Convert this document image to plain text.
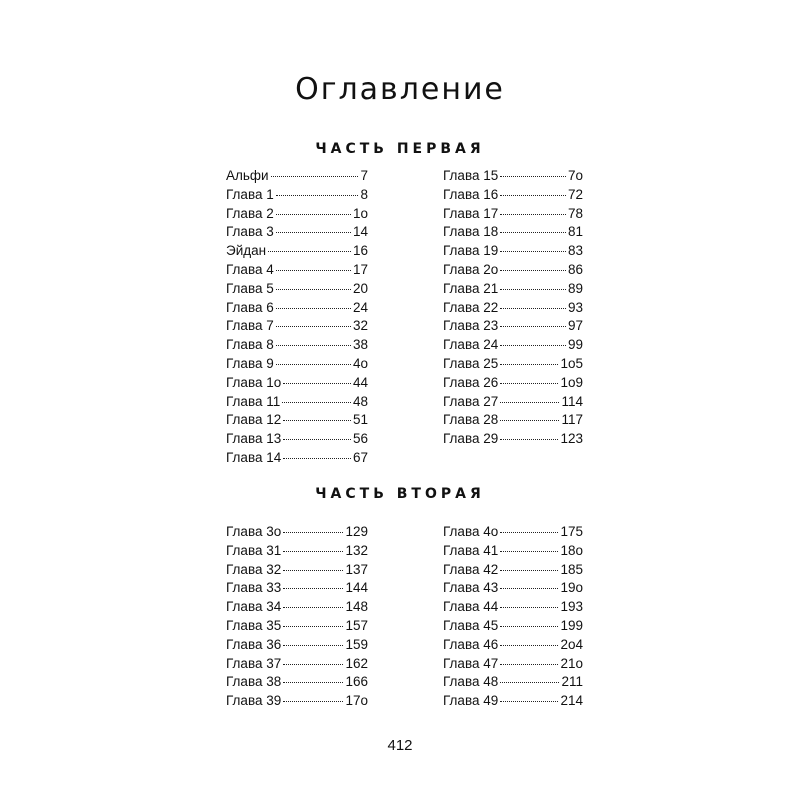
Оглавление
ЧАСТЬ ПЕРВАЯ
Альфи	7
Глава 1	8
Глава 2	1o
Глава 3	14
Эйдан	16
Глава 4	17
Глава 5	20
Глава 6	24
Глава 7	32
Глава 8	38
Глава 9	4o
Глава 1o	44
Глава 11	48
Глава 12	51
Глава 13	56
Глава 14	67
Глава 15	7o
Глава 16	72
Глава 17	78
Глава 18	81
Глава 19	83
Глава 2o	86
Глава 21	89
Глава 22	93
Глава 23	97
Глава 24	99
Глава 25	1o5
Глава 26	1o9
Глава 27	114
Глава 28	117
Глава 29	123
ЧАСТЬ ВТОРАЯ
Глава 3o	129
Глава 31	132
Глава 32	137
Глава 33	144
Глава 34	148
Глава 35	157
Глава 36	159
Глава 37	162
Глава 38	166
Глава 39	17o
Глава 4o	175
Глава 41	18o
Глава 42	185
Глава 43	19o
Глава 44	193
Глава 45	199
Глава 46	2o4
Глава 47	21o
Глава 48	211
Глава 49	214
412
